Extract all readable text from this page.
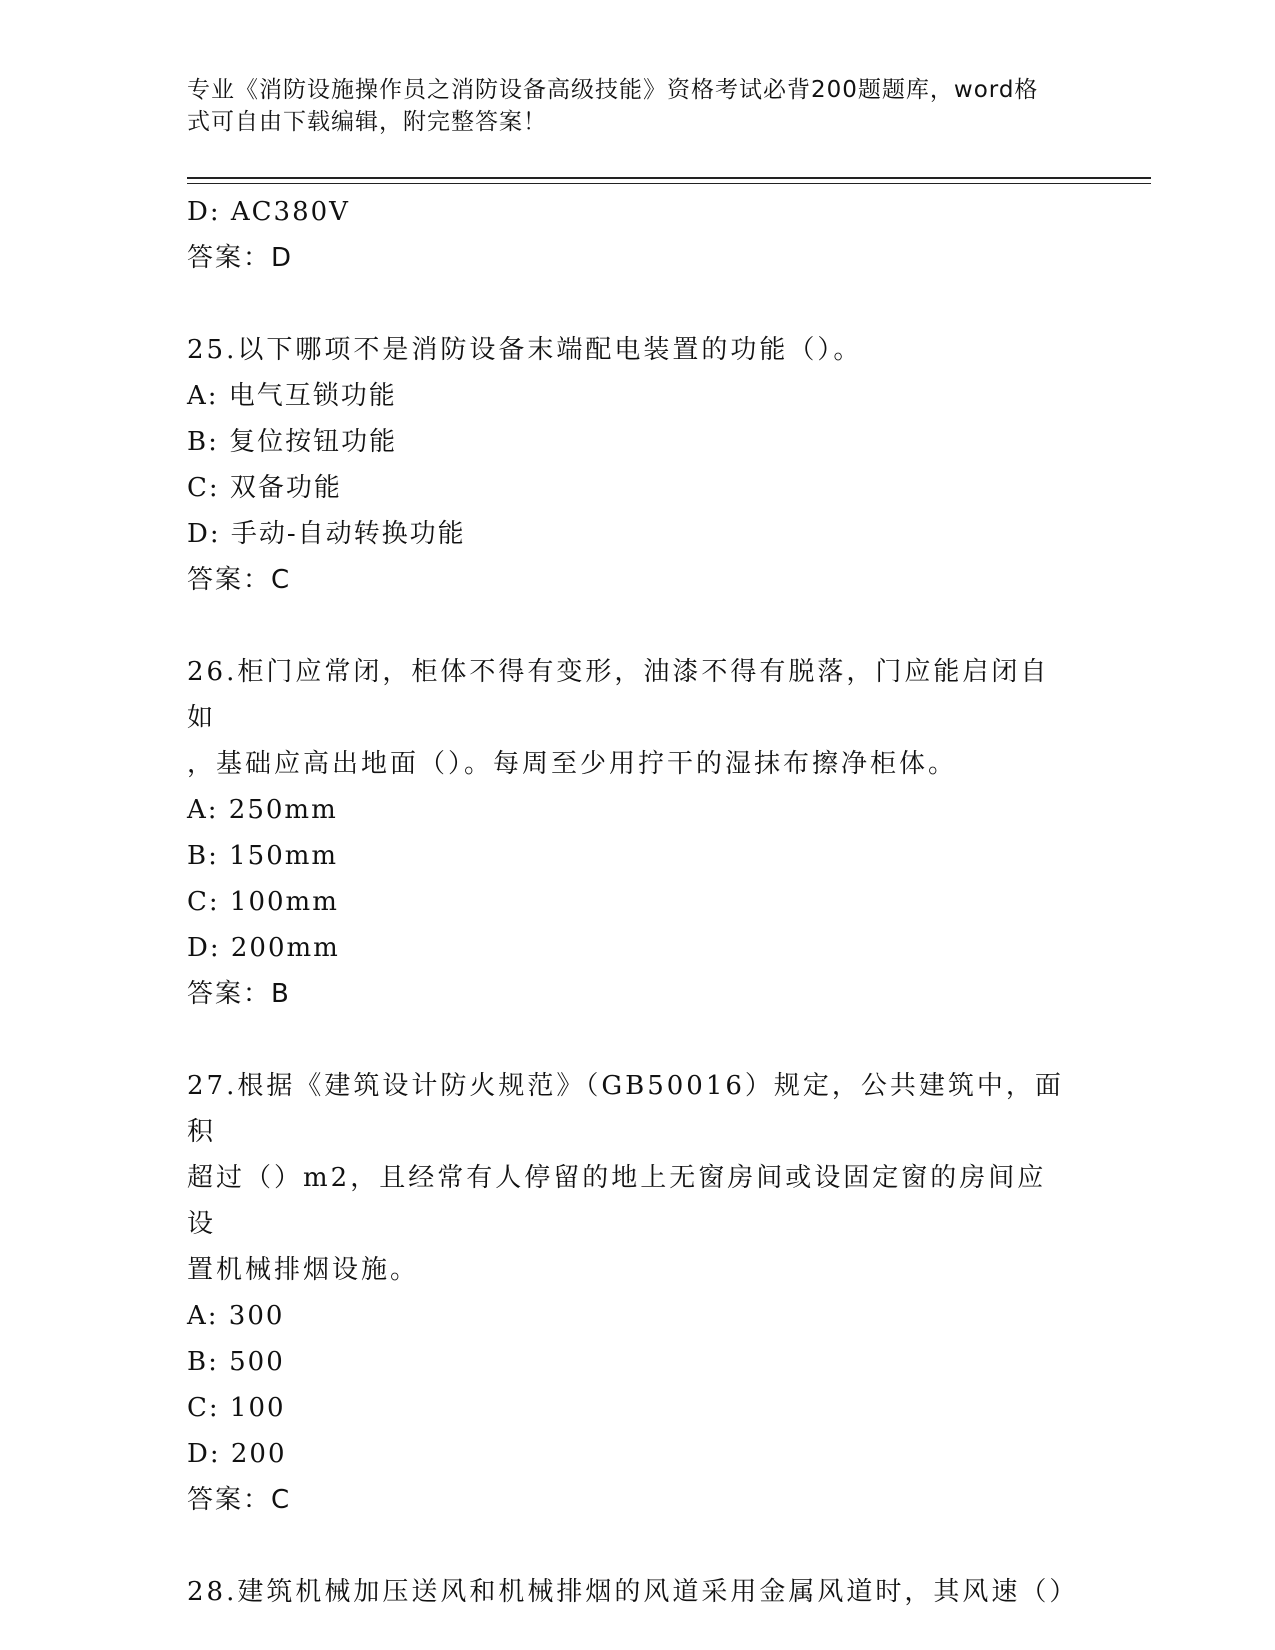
专业《消防设施操作员之消防设备高级技能》资格考试必背200题题库，word格
式可自由下载编辑，附完整答案！
D: AC380V
答案：D
25.以下哪项不是消防设备末端配电装置的功能（）。
A: 电气互锁功能
B: 复位按钮功能
C: 双备功能
D: 手动-自动转换功能
答案：C
26.柜门应常闭，柜体不得有变形，油漆不得有脱落，门应能启闭自如
，基础应高出地面（）。每周至少用拧干的湿抹布擦净柜体。
A: 250mm
B: 150mm
C: 100mm
D: 200mm
答案：B
27.根据《建筑设计防火规范》（GB50016）规定，公共建筑中，面积
超过（）m2，且经常有人停留的地上无窗房间或设固定窗的房间应设
置机械排烟设施。
A: 300
B: 500
C: 100
D: 200
答案：C
28.建筑机械加压送风和机械排烟的风道采用金属风道时，其风速（）
